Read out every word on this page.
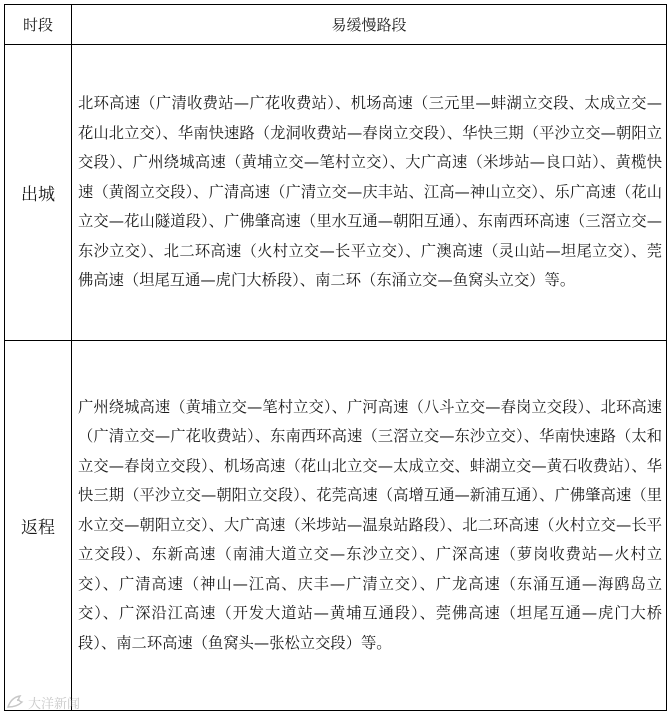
时段	易缓慢路段
出城	北环高速（广清收费站—广花收费站）、机场高速（三元里—蚌湖立交段、太成立交—花山北立交）、华南快速路（龙洞收费站—春岗立交段）、华快三期（平沙立交—朝阳立交段）、广州绕城高速（黄埔立交—笔村立交）、大广高速（米埗站—良口站）、黄榄快速（黄阁立交段）、广清高速（广清立交—庆丰站、江高—神山立交）、乐广高速（花山立交—花山隧道段）、广佛肇高速（里水互通—朝阳互通）、东南西环高速（三滘立交—东沙立交）、北二环高速（火村立交—长平立交）、广澳高速（灵山站—坦尾立交）、莞佛高速（坦尾互通—虎门大桥段）、南二环（东涌立交—鱼窝头立交）等。
返程	广州绕城高速（黄埔立交—笔村立交）、广河高速（八斗立交—春岗立交段）、北环高速（广清立交—广花收费站）、东南西环高速（三滘立交—东沙立交）、华南快速路（太和立交—春岗立交段）、机场高速（花山北立交—太成立交、蚌湖立交—黄石收费站）、华快三期（平沙立交—朝阳立交段）、花莞高速（高增互通—新浦互通）、广佛肇高速（里水立交—朝阳立交）、大广高速（米埗站—温泉站路段）、北二环高速（火村立交—长平立交段）、东新高速（南浦大道立交—东沙立交）、广深高速（萝岗收费站—火村立交）、广清高速（神山—江高、庆丰—广清立交）、广龙高速（东涌互通—海鸥岛立交）、广深沿江高速（开发大道站—黄埔互通段）、莞佛高速（坦尾互通—虎门大桥段）、南二环高速（鱼窝头—张松立交段）等。
大洋新闻
